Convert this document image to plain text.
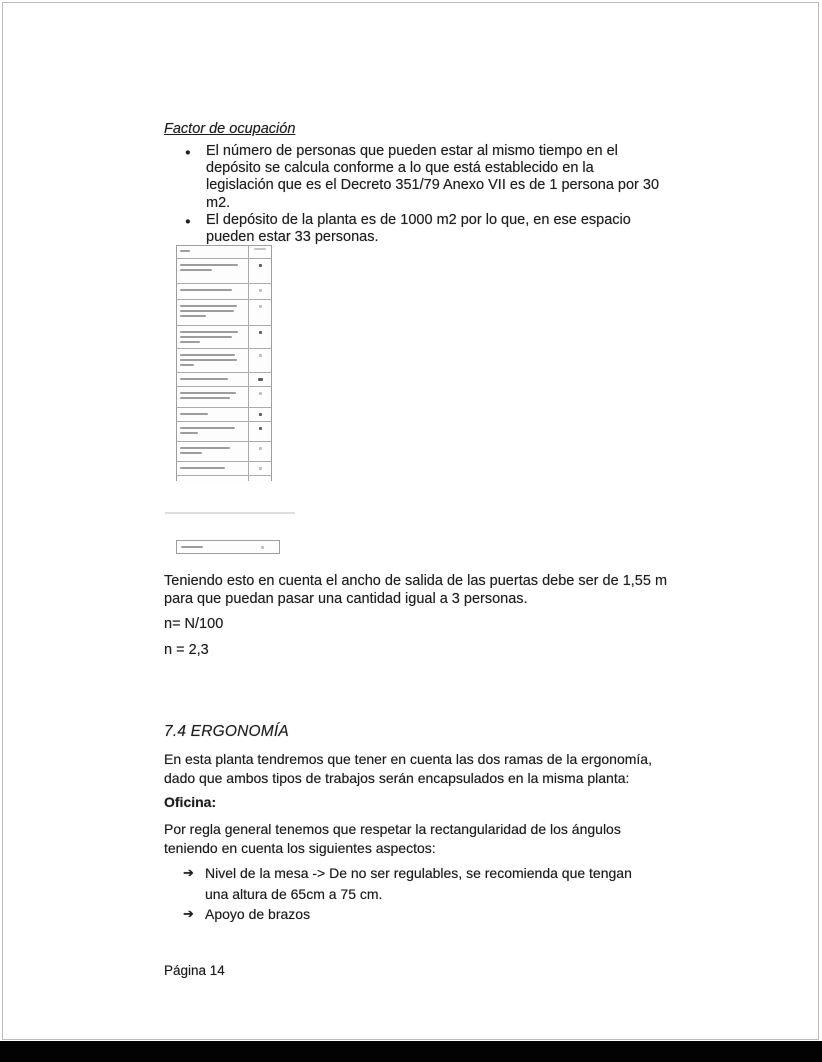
Factor de ocupación
● El número de personas que pueden estar al mismo tiempo en el depósito se calcula conforme a lo que está establecido en la legislación que es el Decreto 351/79 Anexo VII es de 1 persona por 30 m2.
● El depósito de la planta es de 1000 m2 por lo que, en ese espacio pueden estar 33 personas.
Teniendo esto en cuenta el ancho de salida de las puertas debe ser de 1,55 m para que puedan pasar una cantidad igual a 3 personas.
n= N/100
n = 2,3
7.4 ERGONOMÍA
En esta planta tendremos que tener en cuenta las dos ramas de la ergonomía, dado que ambos tipos de trabajos serán encapsulados en la misma planta:
Oficina:
Por regla general tenemos que respetar la rectangularidad de los ángulos teniendo en cuenta los siguientes aspectos:
➔ Nivel de la mesa -> De no ser regulables, se recomienda que tengan una altura de 65cm a 75 cm.
➔ Apoyo de brazos
Página 14
